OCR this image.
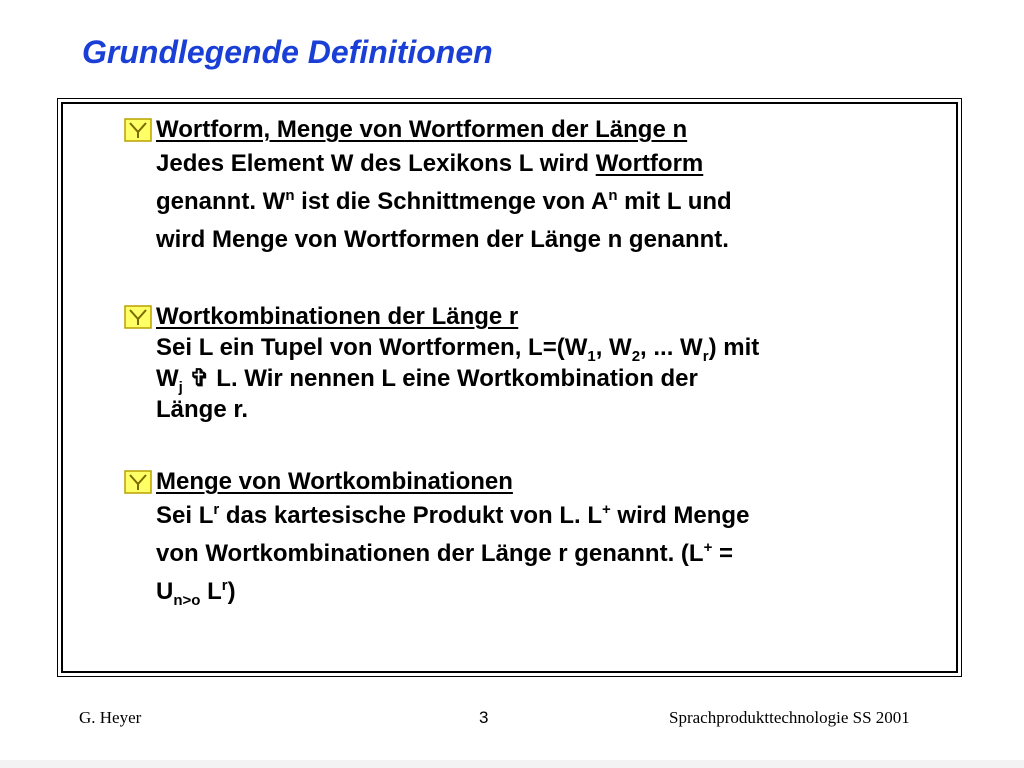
Grundlegende Definitionen
Wortform, Menge von Wortformen der Länge n
Jedes Element W des Lexikons L wird Wortform
genannt. $W^n$ ist die Schnittmenge von $A^n$ mit L und
wird Menge von Wortformen der Länge n genannt.
Wortkombinationen der Länge r
Sei L ein Tupel von Wortformen, $L=(W_1$, $W_2$, ... $W_r$) mit
$W_j$ ✞ L. Wir nennen L eine Wortkombination der
Länge r.
Menge von Wortkombinationen
Sei $L^r$ das kartesische Produkt von L. L+ wird Menge
von Wortkombinationen der Länge r genannt. (L+ =
$U_{n>o}$ $L^r$)
G. Heyer	3	Sprachprodukttechnologie SS 2001
